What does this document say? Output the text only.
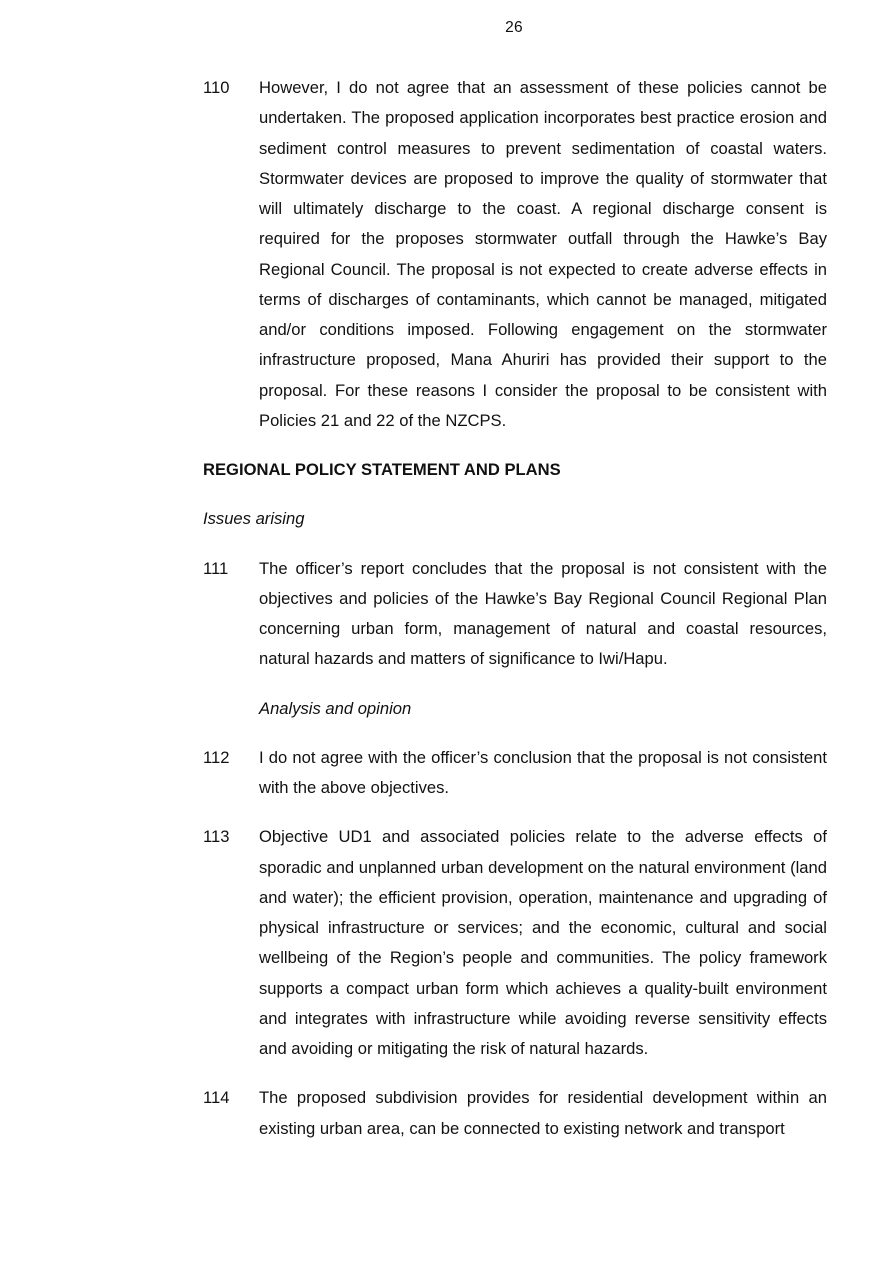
26
110	However, I do not agree that an assessment of these policies cannot be undertaken. The proposed application incorporates best practice erosion and sediment control measures to prevent sedimentation of coastal waters. Stormwater devices are proposed to improve the quality of stormwater that will ultimately discharge to the coast. A regional discharge consent is required for the proposes stormwater outfall through the Hawke’s Bay Regional Council. The proposal is not expected to create adverse effects in terms of discharges of contaminants, which cannot be managed, mitigated and/or conditions imposed. Following engagement on the stormwater infrastructure proposed, Mana Ahuriri has provided their support to the proposal. For these reasons I consider the proposal to be consistent with Policies 21 and 22 of the NZCPS.

REGIONAL POLICY STATEMENT AND PLANS
Issues arising
111	The officer’s report concludes that the proposal is not consistent with the objectives and policies of the Hawke’s Bay Regional Council Regional Plan concerning urban form, management of natural and coastal resources, natural hazards and matters of significance to Iwi/Hapu.

Analysis and opinion
112	I do not agree with the officer’s conclusion that the proposal is not consistent with the above objectives.

113	Objective UD1 and associated policies relate to the adverse effects of sporadic and unplanned urban development on the natural environment (land and water); the efficient provision, operation, maintenance and upgrading of physical infrastructure or services; and the economic, cultural and social wellbeing of the Region’s people and communities. The policy framework supports a compact urban form which achieves a quality-built environment and integrates with infrastructure while avoiding reverse sensitivity effects and avoiding or mitigating the risk of natural hazards.

114	The proposed subdivision provides for residential development within an existing urban area, can be connected to existing network and transport
